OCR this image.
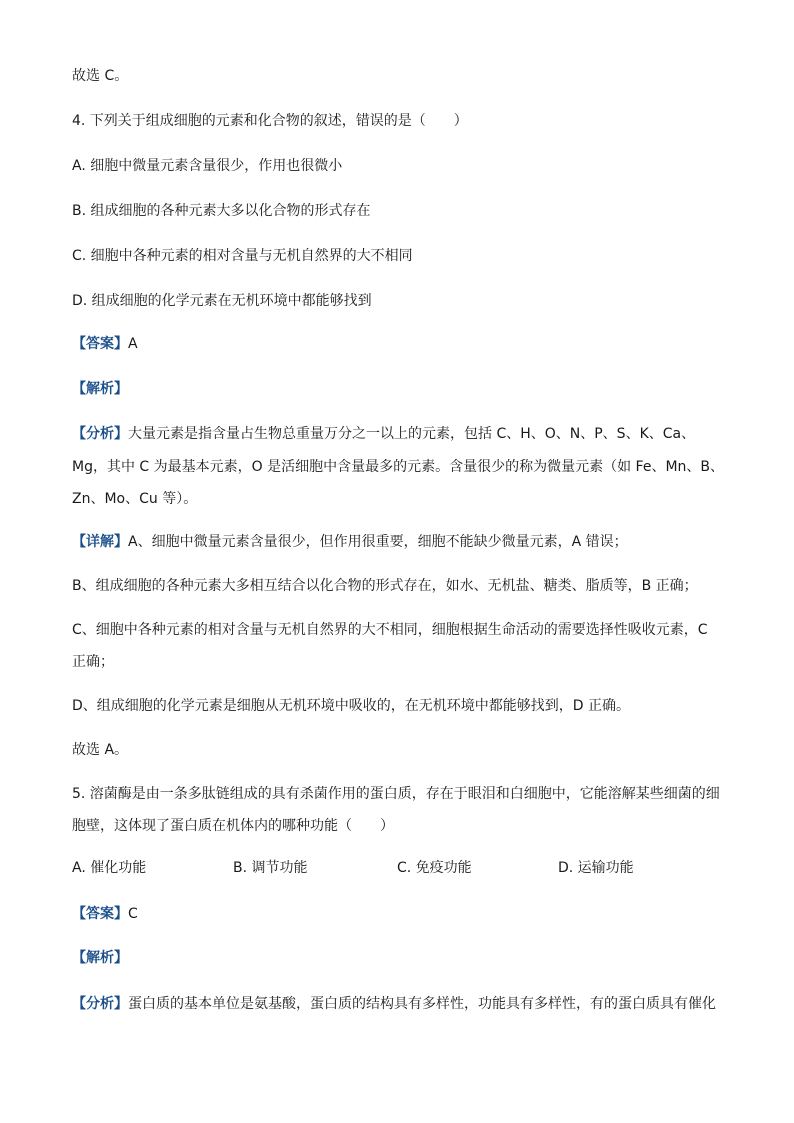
故选 C。
4. 下列关于组成细胞的元素和化合物的叙述，错误的是（　　）
A. 细胞中微量元素含量很少，作用也很微小
B. 组成细胞的各种元素大多以化合物的形式存在
C. 细胞中各种元素的相对含量与无机自然界的大不相同
D. 组成细胞的化学元素在无机环境中都能够找到
【答案】A
【解析】
【分析】大量元素是指含量占生物总重量万分之一以上的元素，包括 C、H、O、N、P、S、K、Ca、
Mg，其中 C 为最基本元素，O 是活细胞中含量最多的元素。含量很少的称为微量元素（如 Fe、Mn、B、
Zn、Mo、Cu 等）。
【详解】A、细胞中微量元素含量很少，但作用很重要，细胞不能缺少微量元素，A 错误；
B、组成细胞的各种元素大多相互结合以化合物的形式存在，如水、无机盐、糖类、脂质等，B 正确；
C、细胞中各种元素的相对含量与无机自然界的大不相同，细胞根据生命活动的需要选择性吸收元素，C
正确；
D、组成细胞的化学元素是细胞从无机环境中吸收的，在无机环境中都能够找到，D 正确。
故选 A。
5. 溶菌酶是由一条多肽链组成的具有杀菌作用的蛋白质，存在于眼泪和白细胞中，它能溶解某些细菌的细
胞壁，这体现了蛋白质在机体内的哪种功能（　　）
A. 催化功能	B. 调节功能	C. 免疫功能	D. 运输功能
【答案】C
【解析】
【分析】蛋白质的基本单位是氨基酸，蛋白质的结构具有多样性，功能具有多样性，有的蛋白质具有催化
